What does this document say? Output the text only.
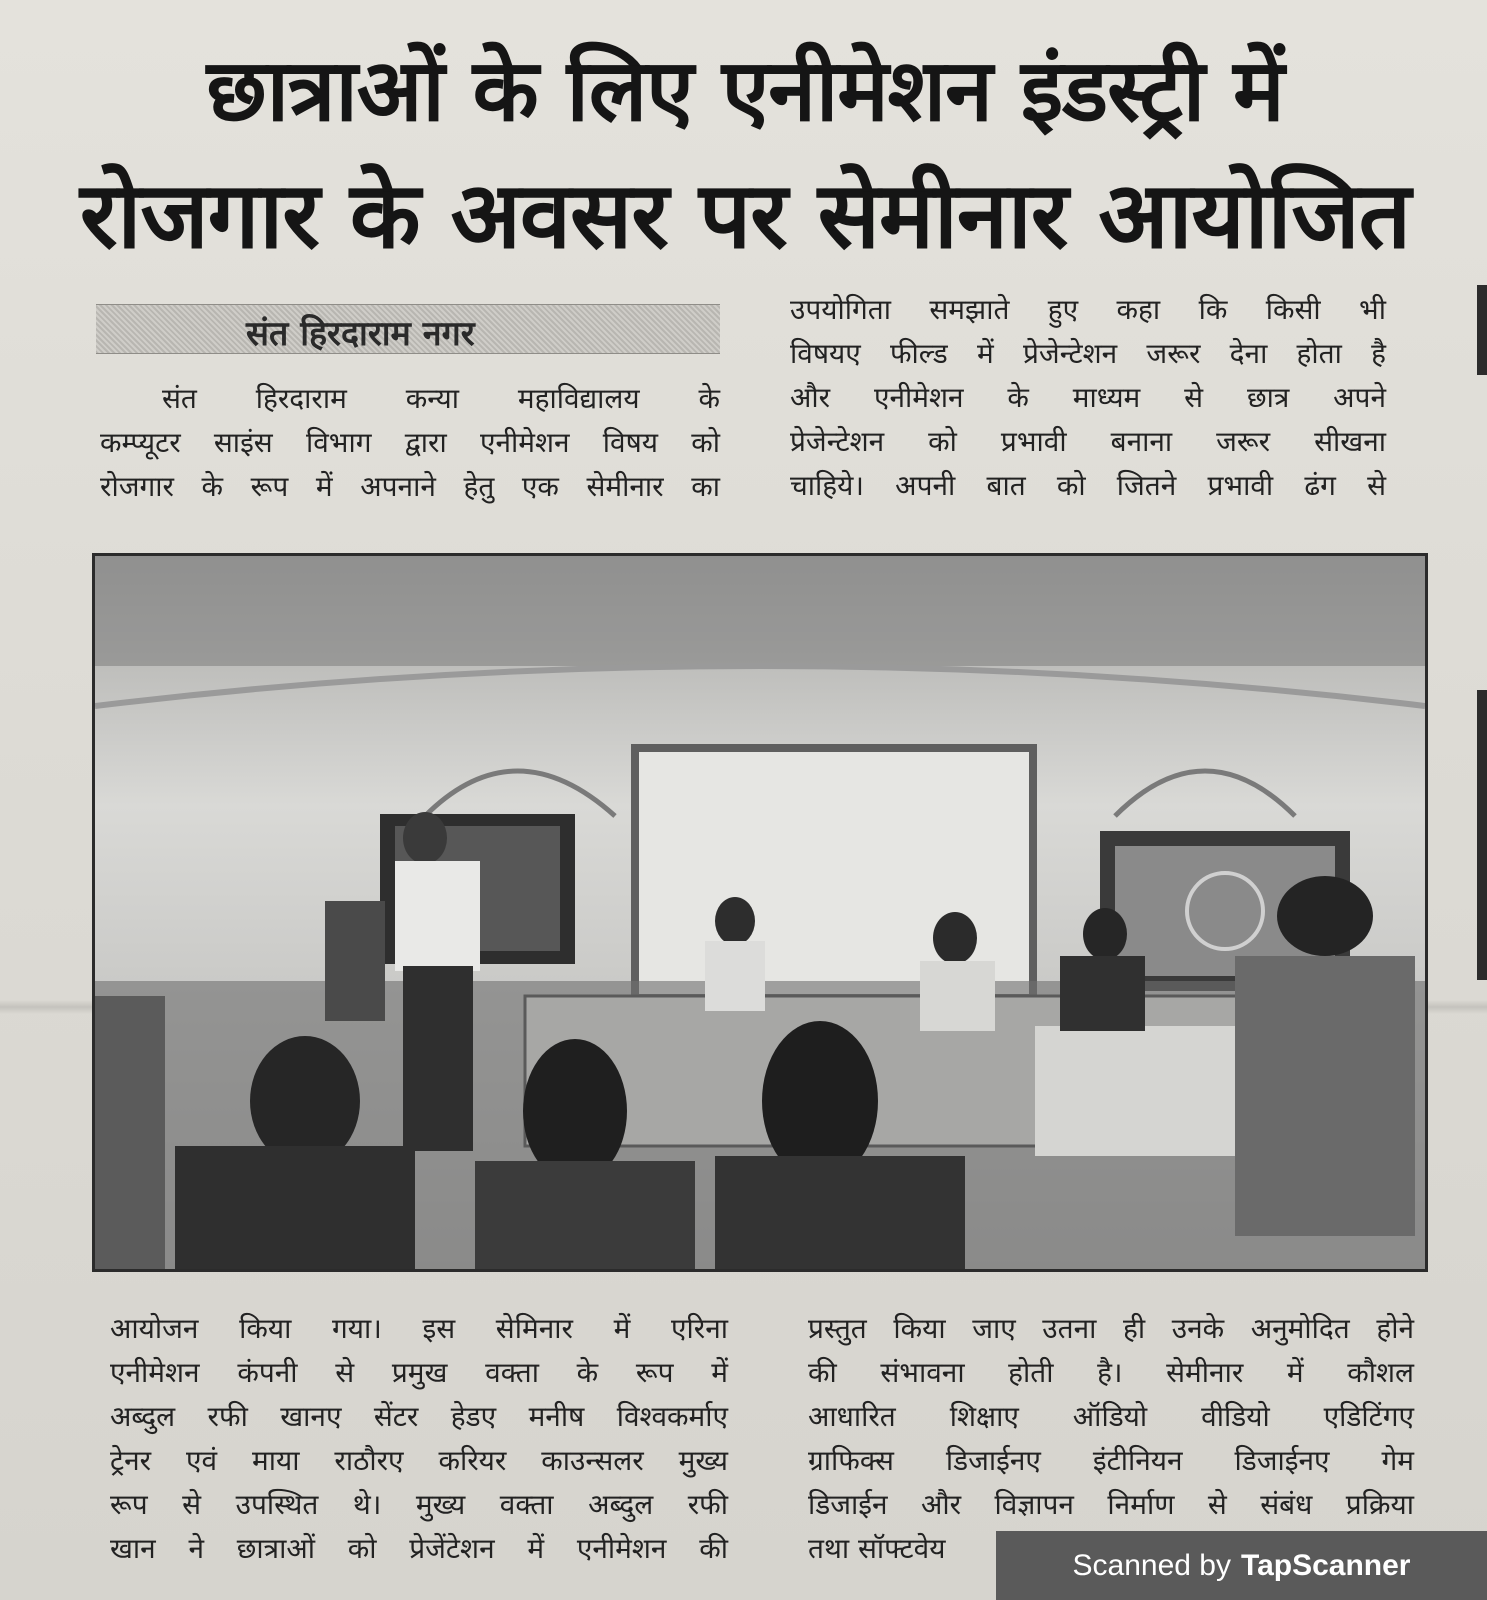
छात्राओं के लिए एनीमेशन इंडस्ट्री में
रोजगार के अवसर पर सेमीनार आयोजित
संत हिरदाराम नगर
संत हिरदाराम कन्या महाविद्यालय के
कम्प्यूटर साइंस विभाग द्वारा एनीमेशन विषय को
रोजगार के रूप में अपनाने हेतु एक सेमीनार का
उपयोगिता समझाते हुए कहा कि किसी भी
विषयए फील्ड में प्रेजेन्टेशन जरूर देना होता है
और एनीमेशन के माध्यम से छात्र अपने
प्रेजेन्टेशन को प्रभावी बनाना जरूर सीखना
चाहिये। अपनी बात को जितने प्रभावी ढंग से
आयोजन किया गया। इस सेमिनार में एरिना
एनीमेशन कंपनी से प्रमुख वक्ता के रूप में
अब्दुल रफी खानए सेंटर हेडए मनीष विश्वकर्माए
ट्रेनर एवं माया राठौरए करियर काउन्सलर मुख्य
रूप से उपस्थित थे। मुख्य वक्ता अब्दुल रफी
खान ने छात्राओं को प्रेजेंटेशन में एनीमेशन की
प्रस्तुत किया जाए उतना ही उनके अनुमोदित होने
की संभावना होती है। सेमीनार में कौशल
आधारित शिक्षाए ऑडियो वीडियो एडिटिंगए
ग्राफिक्स डिजाईनए इंटीनियन डिजाईनए गेम
डिजाईन और विज्ञापन निर्माण से संबंध प्रक्रिया
तथा सॉफ्टवेय	Scanned by TapScanner
